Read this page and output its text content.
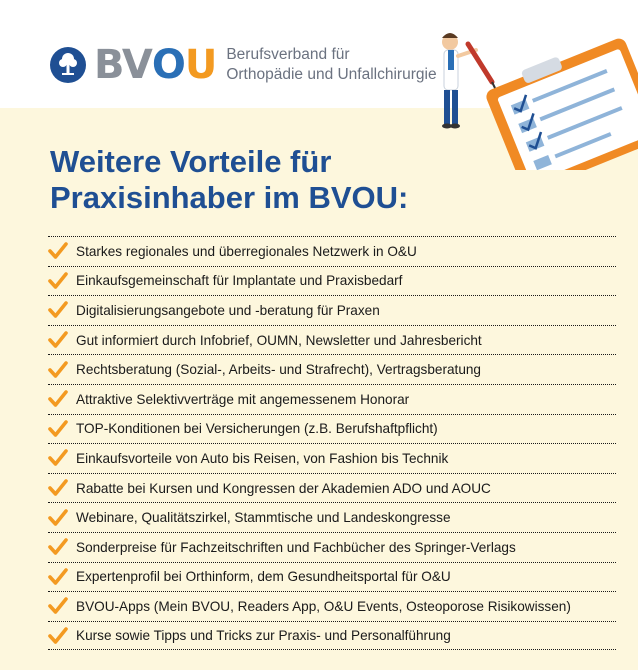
BV O U Berufsverband für
Orthopädie und Unfallchirurgie
Weitere Vorteile für
Praxisinhaber im BVOU:
Starkes regionales und überregionales Netzwerk in O&U
Einkaufsgemeinschaft für Implantate und Praxisbedarf
Digitalisierungsangebote und -beratung für Praxen
Gut informiert durch Infobrief, OUMN, Newsletter und Jahresbericht
Rechtsberatung (Sozial-, Arbeits- und Strafrecht), Vertragsberatung
Attraktive Selektivverträge mit angemessenem Honorar
TOP-Konditionen bei Versicherungen (z.B. Berufshaftpflicht)
Einkaufsvorteile von Auto bis Reisen, von Fashion bis Technik
Rabatte bei Kursen und Kongressen der Akademien ADO und AOUC
Webinare, Qualitätszirkel, Stammtische und Landeskongresse
Sonderpreise für Fachzeitschriften und Fachbücher des Springer-Verlags
Expertenprofil bei Orthinform, dem Gesundheitsportal für O&U
BVOU-Apps (Mein BVOU, Readers App, O&U Events, Osteoporose Risikowissen)
Kurse sowie Tipps und Tricks zur Praxis- und Personalführung
